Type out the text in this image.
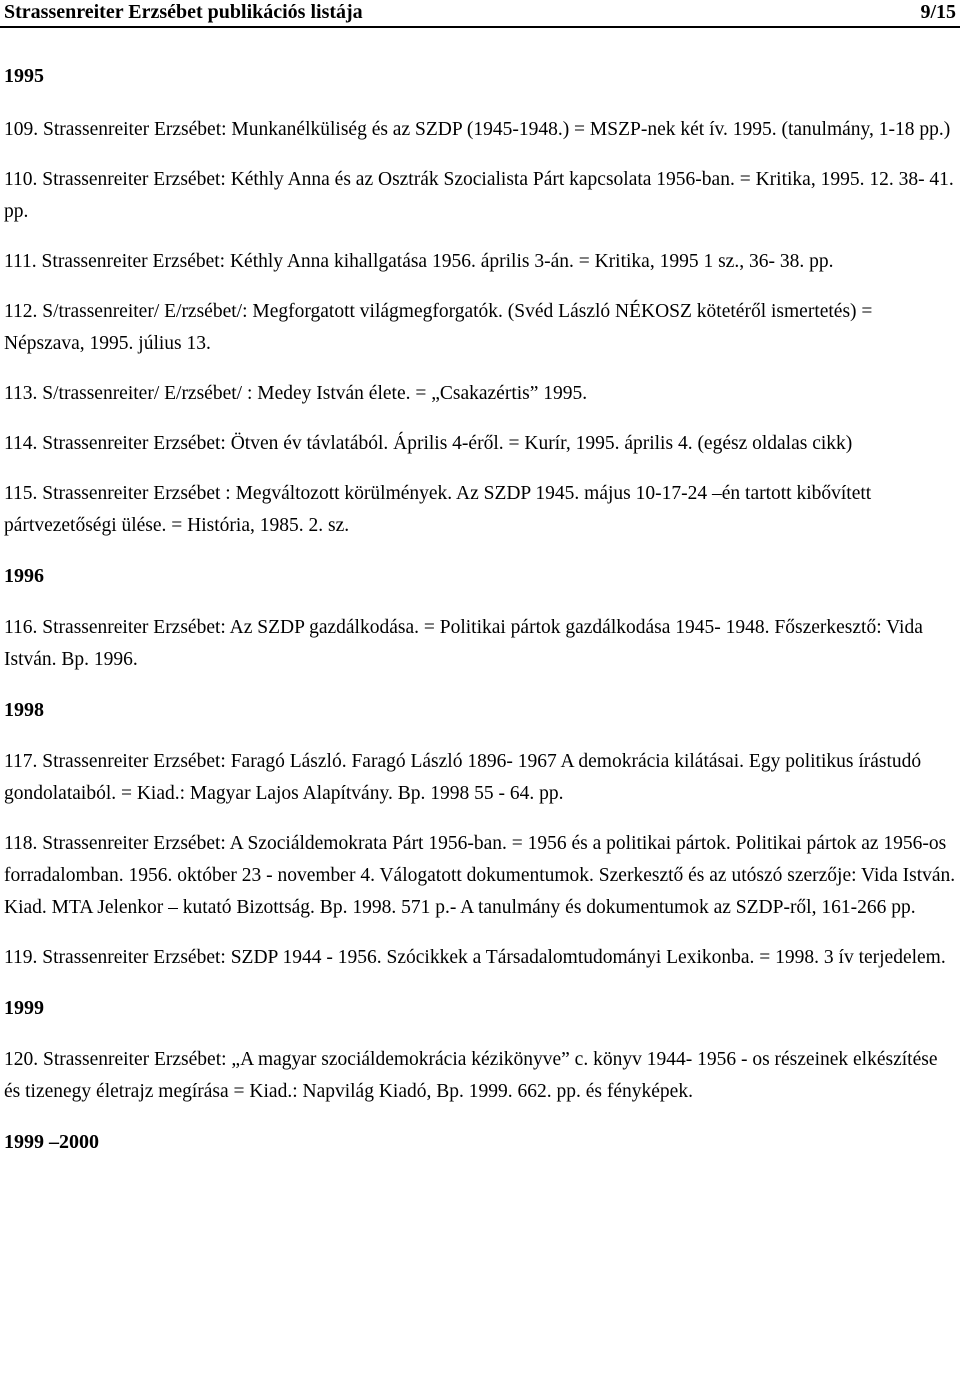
Strassenreiter Erzsébet publikációs listája	9/15

1995

109. Strassenreiter Erzsébet: Munkanélküliség és az SZDP (1945-1948.) = MSZP-nek két ív. 1995. (tanulmány, 1-18 pp.)

110. Strassenreiter Erzsébet: Kéthly Anna és az Osztrák Szocialista Párt kapcsolata 1956-ban. = Kritika, 1995. 12. 38- 41. pp.

111. Strassenreiter Erzsébet: Kéthly Anna kihallgatása 1956. április 3-án. = Kritika, 1995 1 sz., 36- 38. pp.

112. S/trassenreiter/ E/rzsébet/: Megforgatott világmegforgatók. (Svéd László NÉKOSZ kötetéről ismertetés) = Népszava, 1995. július 13.

113. S/trassenreiter/ E/rzsébet/ : Medey István élete. = „Csakazértis” 1995.

114. Strassenreiter Erzsébet: Ötven év távlatából. Április 4-éről. = Kurír, 1995. április 4. (egész oldalas cikk)

115. Strassenreiter Erzsébet : Megváltozott körülmények. Az SZDP 1945. május 10-17-24 –én tartott kibővített pártvezetőségi ülése. = História, 1985. 2. sz.

1996

116. Strassenreiter Erzsébet: Az SZDP gazdálkodása. = Politikai pártok gazdálkodása 1945- 1948. Főszerkesztő: Vida István. Bp. 1996.

1998

117. Strassenreiter Erzsébet: Faragó László. Faragó László 1896- 1967 A demokrácia kilátásai. Egy politikus írástudó gondolataiból. = Kiad.: Magyar Lajos Alapítvány. Bp. 1998 55 - 64. pp.

118. Strassenreiter Erzsébet: A Szociáldemokrata Párt 1956-ban. = 1956 és a politikai pártok. Politikai pártok az 1956-os forradalomban. 1956. október 23 - november 4. Válogatott dokumentumok. Szerkesztő és az utószó szerzője: Vida István. Kiad. MTA Jelenkor – kutató Bizottság. Bp. 1998. 571 p.- A tanulmány és dokumentumok az SZDP-ről, 161-266 pp.

119. Strassenreiter Erzsébet: SZDP 1944 - 1956. Szócikkek a Társadalomtudományi Lexikonba. = 1998. 3 ív terjedelem.

1999

120. Strassenreiter Erzsébet: „A magyar szociáldemokrácia kézikönyve” c. könyv 1944- 1956 - os részeinek elkészítése és tizenegy életrajz megírása = Kiad.: Napvilág Kiadó, Bp. 1999. 662. pp. és fényképek.

1999 –2000
